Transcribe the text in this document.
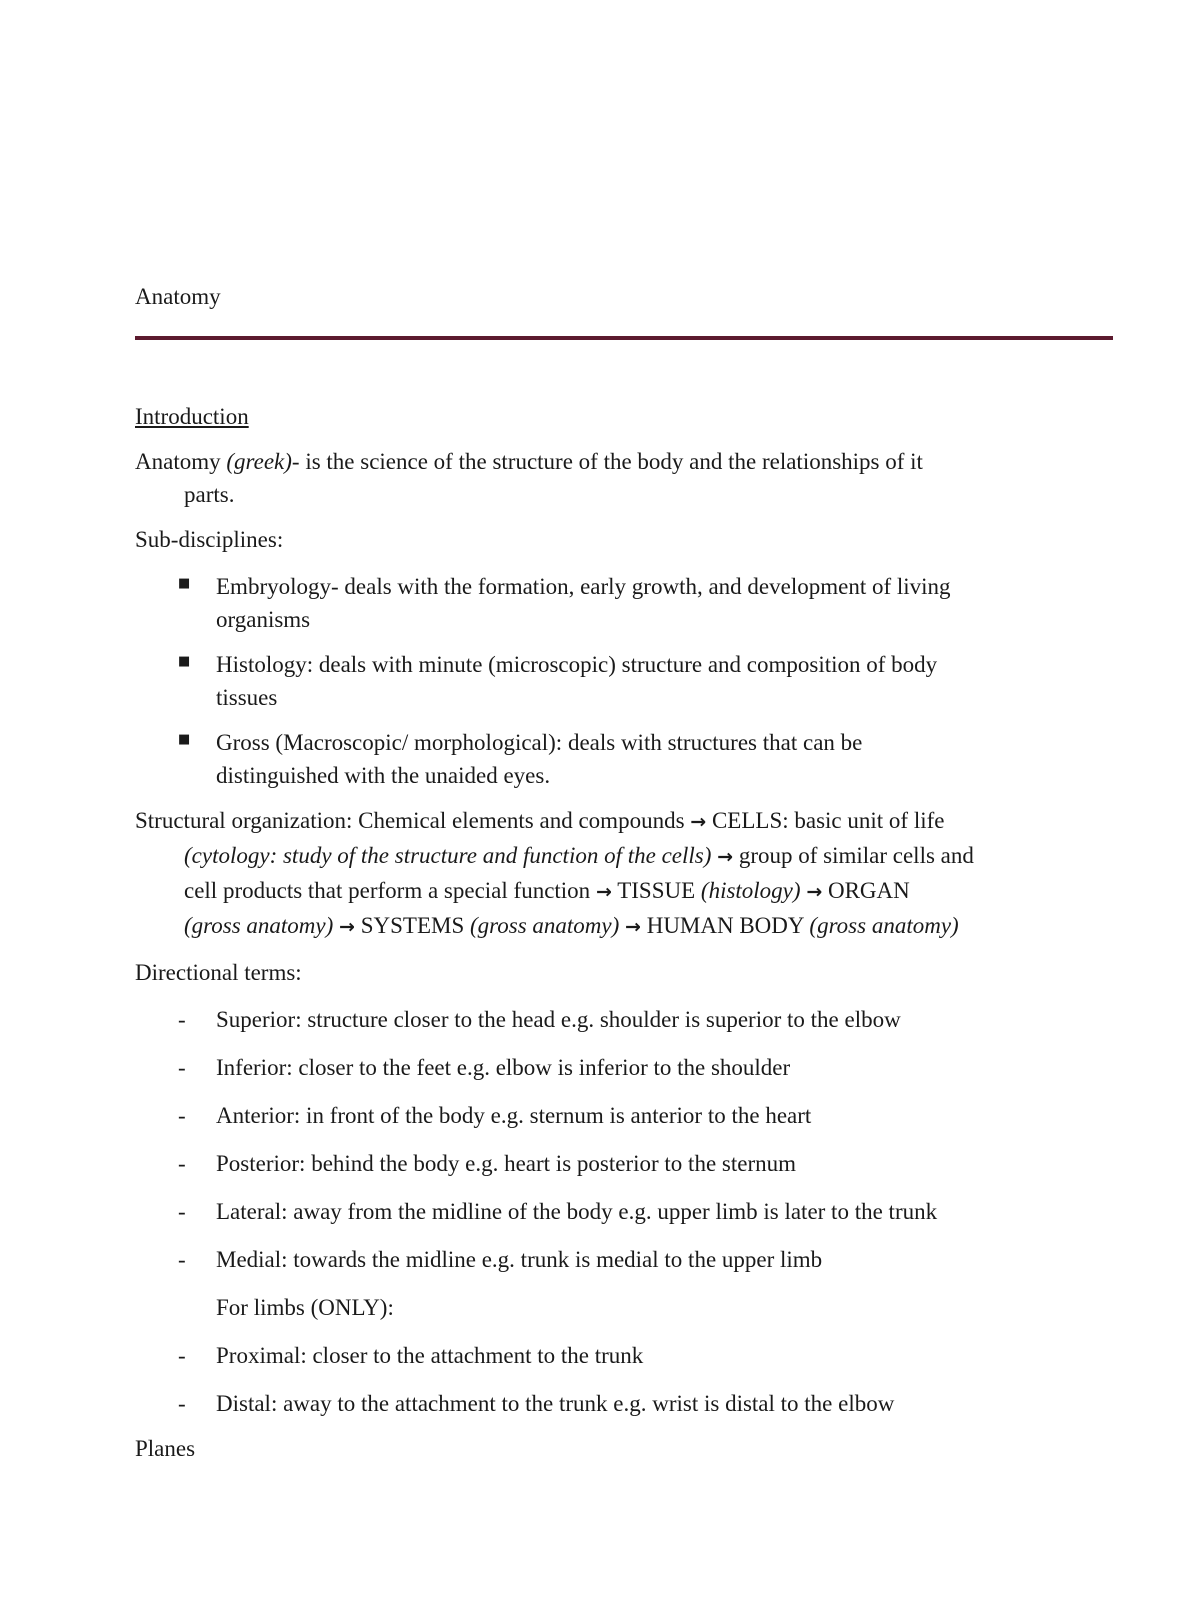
Anatomy
Introduction
Anatomy (greek)- is the science of the structure of the body and the relationships of it
parts.
Sub-disciplines:
■ Embryology- deals with the formation, early growth, and development of living
organisms
■ Histology: deals with minute (microscopic) structure and composition of body
tissues
■ Gross (Macroscopic/ morphological): deals with structures that can be
distinguished with the unaided eyes.
Structural organization: Chemical elements and compounds → CELLS: basic unit of life
(cytology: study of the structure and function of the cells) → group of similar cells and
cell products that perform a special function → TISSUE (histology) → ORGAN
(gross anatomy) → SYSTEMS (gross anatomy) → HUMAN BODY (gross anatomy)
Directional terms:
- Superior: structure closer to the head e.g. shoulder is superior to the elbow
- Inferior: closer to the feet e.g. elbow is inferior to the shoulder
- Anterior: in front of the body e.g. sternum is anterior to the heart
- Posterior: behind the body e.g. heart is posterior to the sternum
- Lateral: away from the midline of the body e.g. upper limb is later to the trunk
- Medial: towards the midline e.g. trunk is medial to the upper limb
For limbs (ONLY):
- Proximal: closer to the attachment to the trunk
- Distal: away to the attachment to the trunk e.g. wrist is distal to the elbow
Planes
